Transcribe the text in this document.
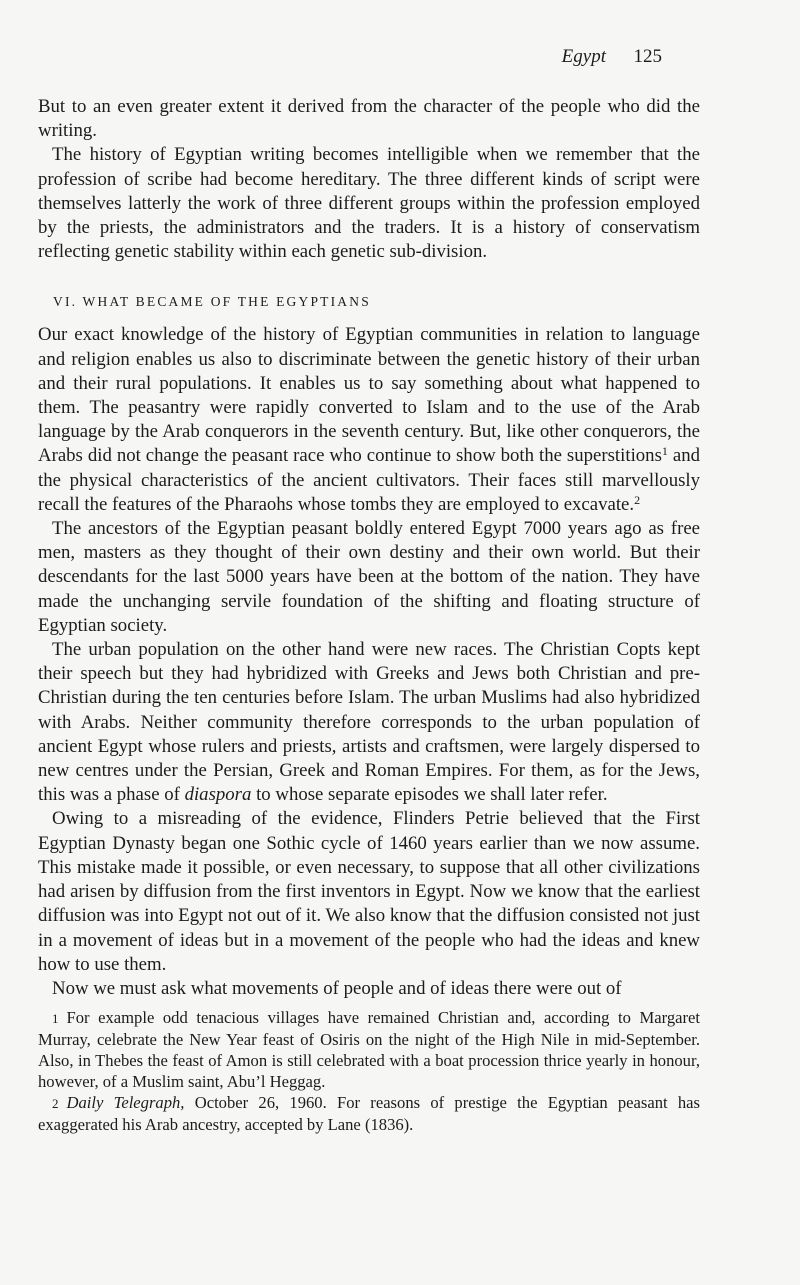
Egypt 125

But to an even greater extent it derived from the character of the people who did the writing.

The history of Egyptian writing becomes intelligible when we remember that the profession of scribe had become hereditary. The three different kinds of script were themselves latterly the work of three different groups within the profession employed by the priests, the administrators and the traders. It is a history of conservatism reflecting genetic stability within each genetic sub-division.

VI. WHAT BECAME OF THE EGYPTIANS

Our exact knowledge of the history of Egyptian communities in relation to language and religion enables us also to discriminate between the genetic history of their urban and their rural populations. It enables us to say something about what happened to them. The peasantry were rapidly converted to Islam and to the use of the Arab language by the Arab conquerors in the seventh century. But, like other conquerors, the Arabs did not change the peasant race who continue to show both the superstitions$^1$ and the physical characteristics of the ancient cultivators. Their faces still marvellously recall the features of the Pharaohs whose tombs they are employed to excavate.$^2$

The ancestors of the Egyptian peasant boldly entered Egypt 7000 years ago as free men, masters as they thought of their own destiny and their own world. But their descendants for the last 5000 years have been at the bottom of the nation. They have made the unchanging servile foundation of the shifting and floating structure of Egyptian society.

The urban population on the other hand were new races. The Christian Copts kept their speech but they had hybridized with Greeks and Jews both Christian and pre-Christian during the ten centuries before Islam. The urban Muslims had also hybridized with Arabs. Neither community therefore corresponds to the urban population of ancient Egypt whose rulers and priests, artists and craftsmen, were largely dispersed to new centres under the Persian, Greek and Roman Empires. For them, as for the Jews, this was a phase of diaspora to whose separate episodes we shall later refer.

Owing to a misreading of the evidence, Flinders Petrie believed that the First Egyptian Dynasty began one Sothic cycle of 1460 years earlier than we now assume. This mistake made it possible, or even necessary, to suppose that all other civilizations had arisen by diffusion from the first inventors in Egypt. Now we know that the earliest diffusion was into Egypt not out of it. We also know that the diffusion consisted not just in a movement of ideas but in a movement of the people who had the ideas and knew how to use them.

Now we must ask what movements of people and of ideas there were out of

1 For example odd tenacious villages have remained Christian and, according to Margaret Murray, celebrate the New Year feast of Osiris on the night of the High Nile in mid-September. Also, in Thebes the feast of Amon is still celebrated with a boat procession thrice yearly in honour, however, of a Muslim saint, Abu’l Heggag.

2 Daily Telegraph, October 26, 1960. For reasons of prestige the Egyptian peasant has exaggerated his Arab ancestry, accepted by Lane (1836).
